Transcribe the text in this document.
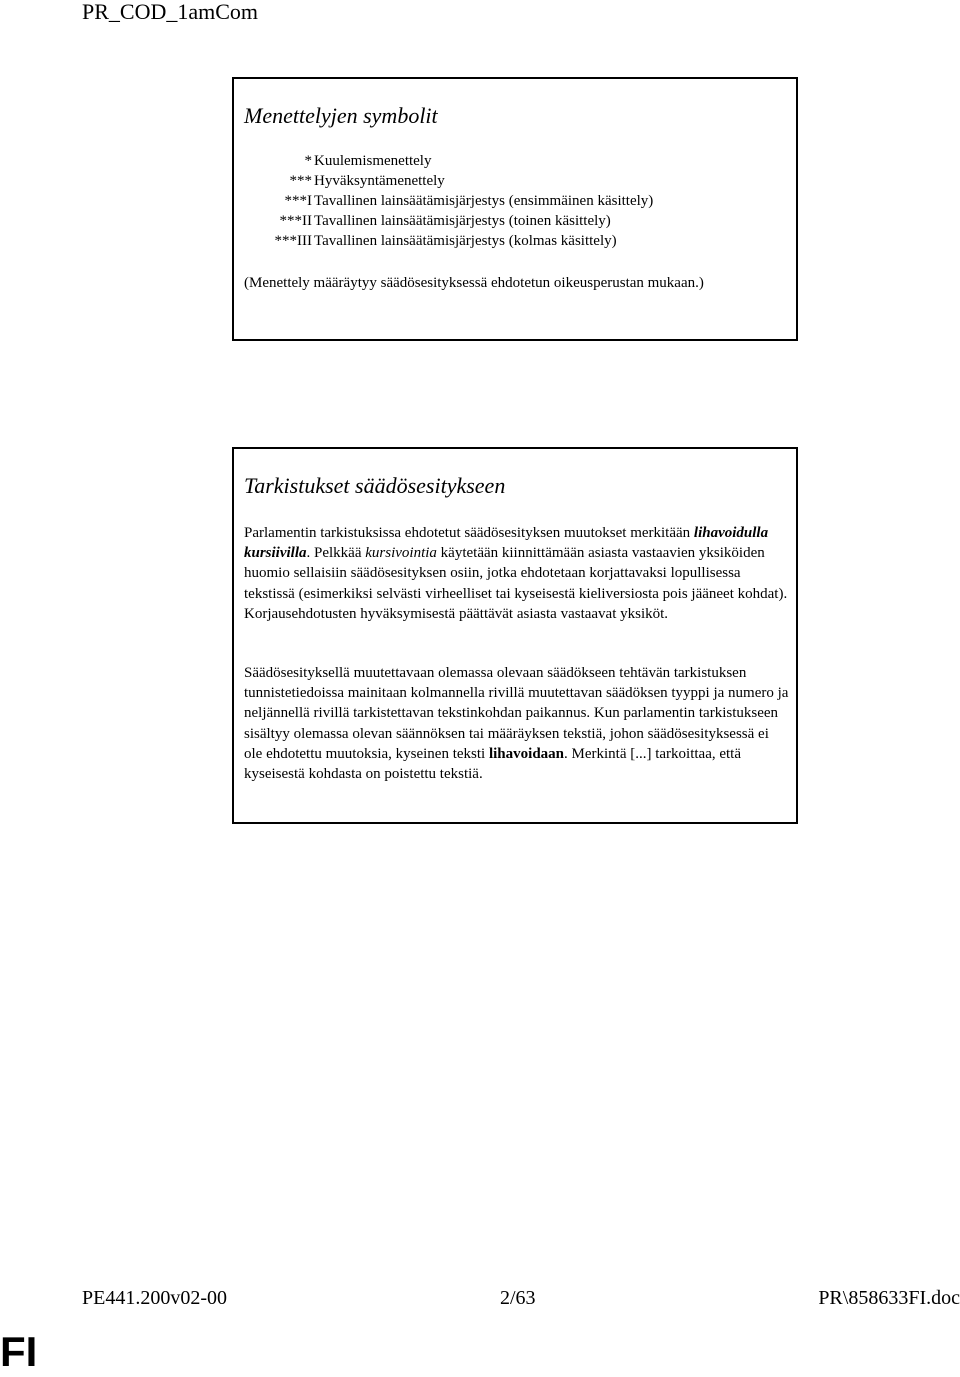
PR_COD_1amCom
Menettelyjen symbolit
* Kuulemismenettely
*** Hyväksyntämenettely
***I Tavallinen lainsäätämisjärjestys (ensimmäinen käsittely)
***II Tavallinen lainsäätämisjärjestys (toinen käsittely)
***III Tavallinen lainsäätämisjärjestys (kolmas käsittely)
(Menettely määräytyy säädösesityksessä ehdotetun oikeusperustan mukaan.)
Tarkistukset säädösesitykseen

Parlamentin tarkistuksissa ehdotetut säädösesityksen muutokset merkitään lihavoidulla kursiivilla. Pelkkää kursivointia käytetään kiinnittämään asiasta vastaavien yksiköiden huomio sellaisiin säädösesityksen osiin, jotka ehdotetaan korjattavaksi lopullisessa tekstissä (esimerkiksi selvästi virheelliset tai kyseisestä kieliversiosta pois jääneet kohdat). Korjausehdotusten hyväksymisestä päättävät asiasta vastaavat yksiköt.

Säädösesityksellä muutettavaan olemassa olevaan säädökseen tehtävän tarkistuksen tunnistetiedoissa mainitaan kolmannella rivillä muutettavan säädöksen tyyppi ja numero ja neljännellä rivillä tarkistettavan tekstinkohdan paikannus. Kun parlamentin tarkistukseen sisältyy olemassa olevan säännöksen tai määräyksen tekstiä, johon säädösesityksessä ei ole ehdotettu muutoksia, kyseinen teksti lihavoidaan. Merkintä [...] tarkoittaa, että kyseisestä kohdasta on poistettu tekstiä.

PE441.200v02-00	2/63	PR\858633FI.doc
FI
